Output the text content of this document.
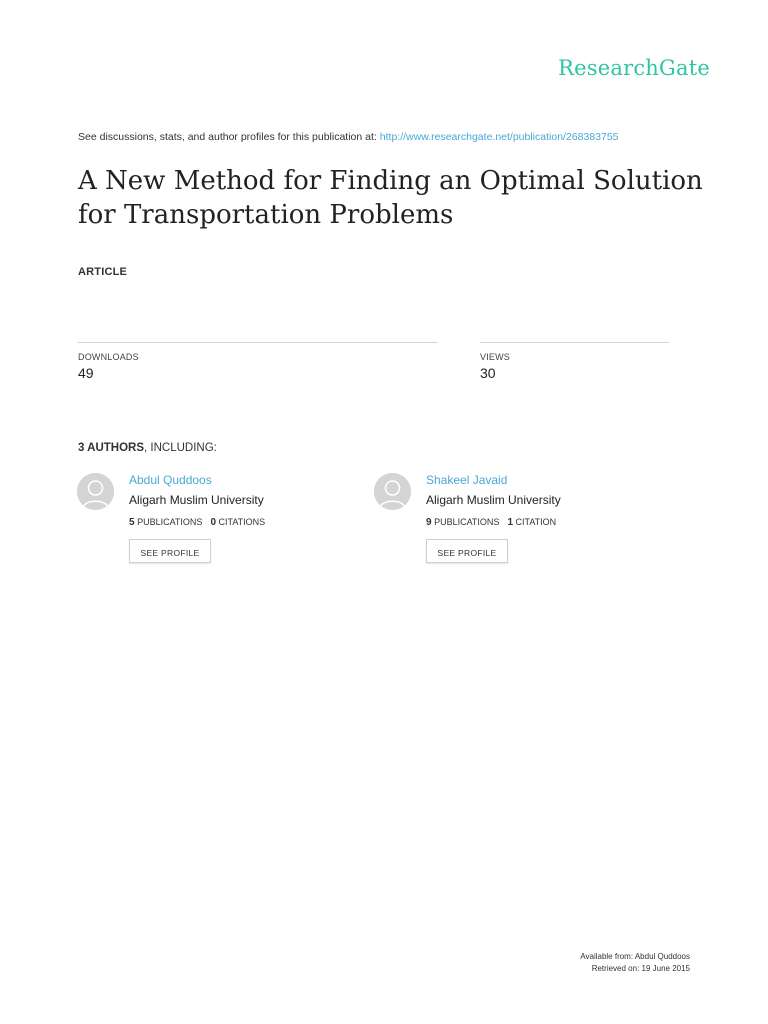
ResearchGate
See discussions, stats, and author profiles for this publication at: http://www.researchgate.net/publication/268383755
A New Method for Finding an Optimal Solution for Transportation Problems
ARTICLE
DOWNLOADS
49
VIEWS
30
3 AUTHORS, INCLUDING:
Abdul Quddoos
Aligarh Muslim University
5 PUBLICATIONS 0 CITATIONS
SEE PROFILE
Shakeel Javaid
Aligarh Muslim University
9 PUBLICATIONS 1 CITATION
SEE PROFILE
Available from: Abdul Quddoos
Retrieved on: 19 June 2015
